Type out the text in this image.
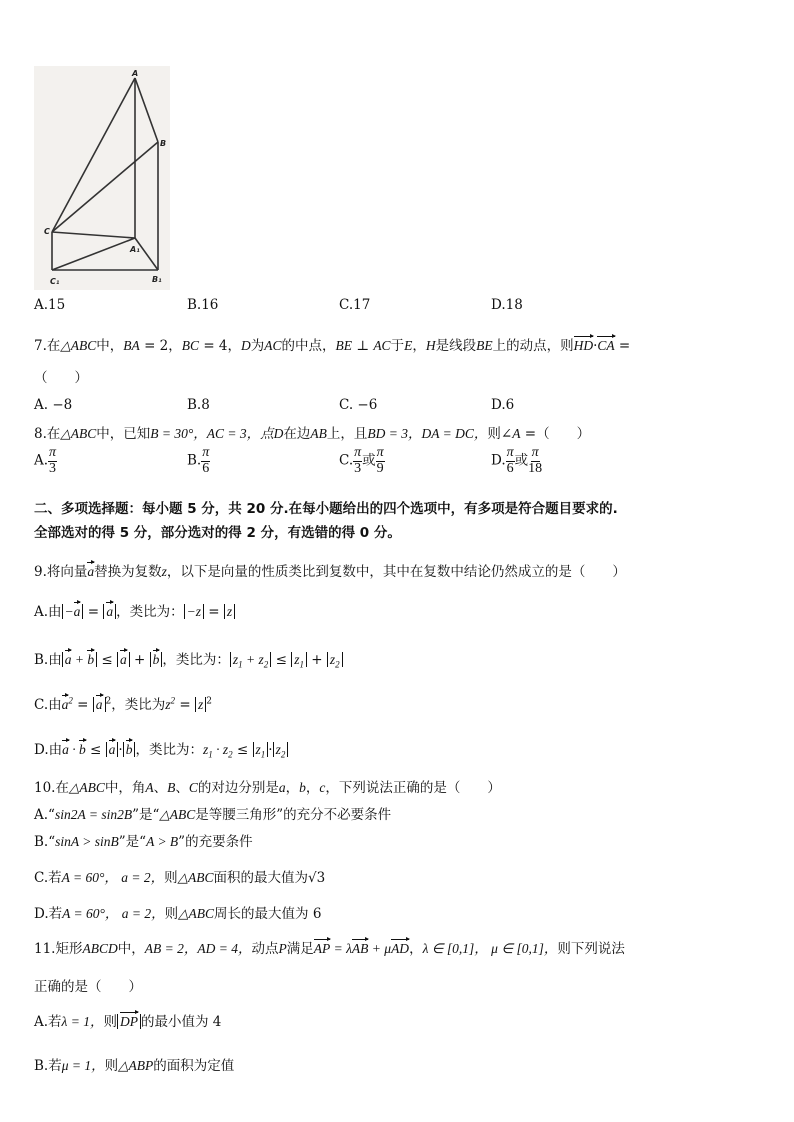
A
B
C
A₁
C₁	B₁
A.15	B.16	C.17	D.18
7.在△ABC中，BA = 2，BC = 4，D为AC的中点，BE ⊥ AC于E，H是线段BE上的动点，则HD·CA =
（　　）
A. −8	B.8	C. −6	D.6
8.在△ABC中，已知B = 30°，AC = 3，点D在边AB上，且BD = 3，DA = DC，则∠A =（　　）
A. $\frac{\pi}{3}$	B. $\frac{\pi}{6}$	C. $\frac{\pi}{3}$ 或 $\frac{\pi}{9}$	D. $\frac{\pi}{6}$ 或 $\frac{\pi}{18}$
二、多项选择题：每小题 5 分，共 20 分.在每小题给出的四个选项中，有多项是符合题目要求的.
全部选对的得 5 分，部分选对的得 2 分，有选错的得 0 分。
9.将向量a替换为复数z，以下是向量的性质类比到复数中，其中在复数中结论仍然成立的是（　　）
A.由 −a = a ，类比为： −z = z
B.由 a + b ≤ a + b ，类比为： $z_1 + z_2 \le z_1 + z_2$
C.由$a^2 = a$ $^2$，类比为$z^2 = z$ $^2$
D.由a · b ≤ a · b ，类比为：$z_1 \cdot z_2 \le z_1 \cdot z_2$
10.在△ABC中，角A、B、C的对边分别是a，b，c，下列说法正确的是（　　）
A.“sin2A = sin2B”是“△ABC是等腰三角形”的充分不必要条件
B.“sinA > sinB”是“A > B”的充要条件
C.若A = 60°， a = 2，则△ABC面积的最大值为√3
D.若A = 60°， a = 2，则△ABC周长的最大值为 6
11.矩形ABCD中，AB = 2，AD = 4，动点P满足AP = λAB + μAD，λ ∈ [0,1]， μ ∈ [0,1]，则下列说法
正确的是（　　）
A.若λ = 1，则 DP 的最小值为 4
B.若μ = 1，则△ABP的面积为定值
